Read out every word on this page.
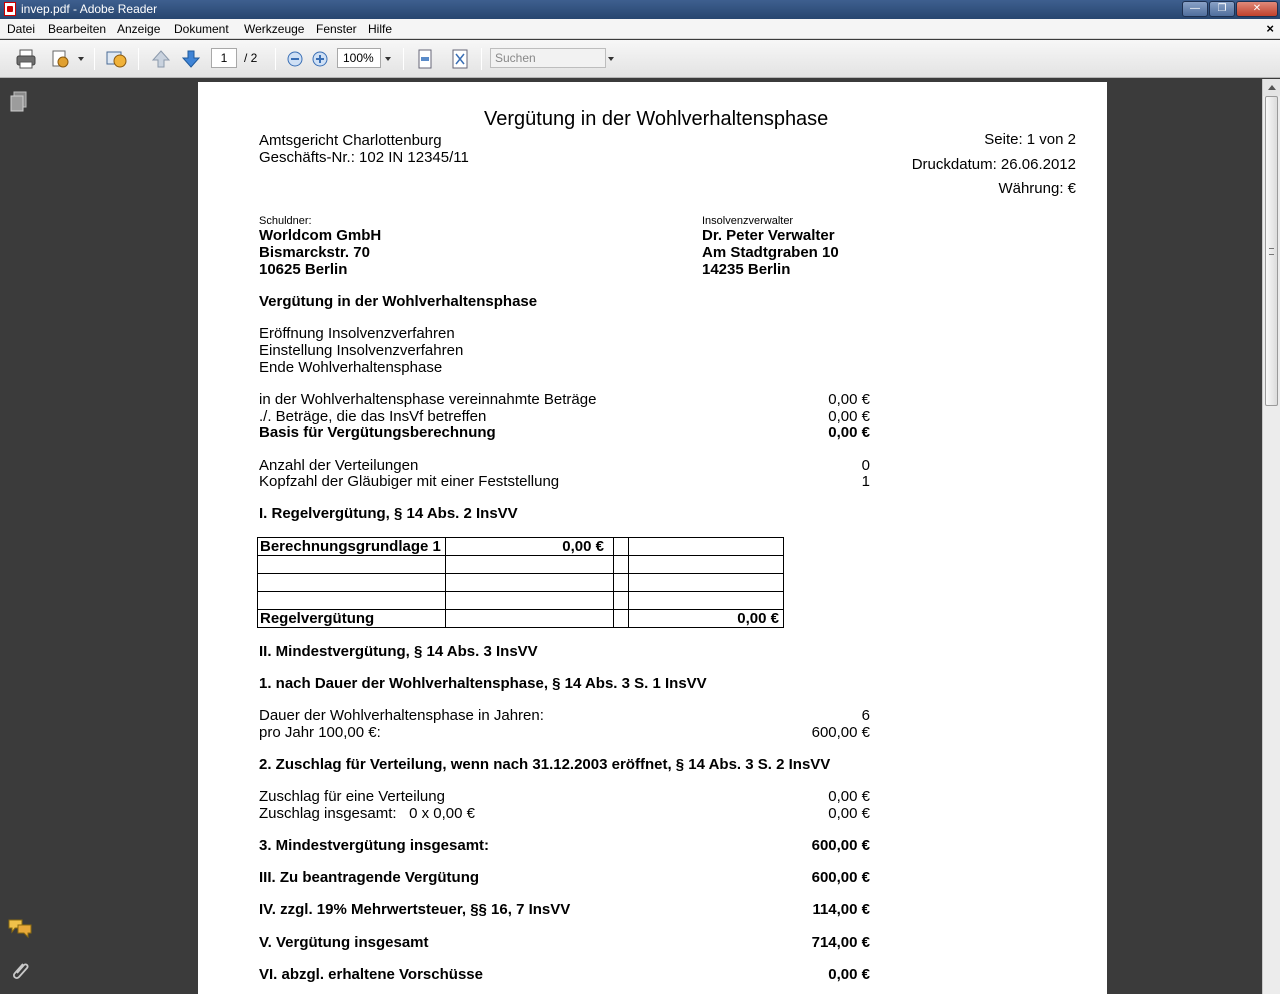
invep.pdf - Adobe Reader	—	❐	✕
Datei Bearbeiten Anzeige Dokument Werkzeuge Fenster Hilfe	×
1	/ 2	100%	Suchen
Vergütung in der Wohlverhaltensphase
Amtsgericht Charlottenburg
Geschäfts-Nr.: 102 IN 12345/11
Seite: 1 von 2
Druckdatum: 26.06.2012
Währung: €
Schuldner:
Worldcom GmbH
Bismarckstr. 70
10625 Berlin
Insolvenzverwalter
Dr. Peter Verwalter
Am Stadtgraben 10
14235 Berlin
Vergütung in der Wohlverhaltensphase
Eröffnung Insolvenzverfahren
Einstellung Insolvenzverfahren
Ende Wohlverhaltensphase
in der Wohlverhaltensphase vereinnahmte Beträge	0,00 €
./. Beträge, die das InsVf betreffen	0,00 €
Basis für Vergütungsberechnung	0,00 €
Anzahl der Verteilungen	0
Kopfzahl der Gläubiger mit einer Feststellung	1
I. Regelvergütung, § 14 Abs. 2 InsVV
Berechnungsgrundlage 1	0,00 €		

Regelvergütung			0,00 €
II. Mindestvergütung, § 14 Abs. 3 InsVV
1. nach Dauer der Wohlverhaltensphase, § 14 Abs. 3 S. 1 InsVV
Dauer der Wohlverhaltensphase in Jahren:	6
pro Jahr 100,00 €:	600,00 €
2. Zuschlag für Verteilung, wenn nach 31.12.2003 eröffnet, § 14 Abs. 3 S. 2 InsVV
Zuschlag für eine Verteilung	0,00 €
Zuschlag insgesamt:   0 x 0,00 €	0,00 €
3. Mindestvergütung insgesamt:	600,00 €
III. Zu beantragende Vergütung	600,00 €
IV. zzgl. 19% Mehrwertsteuer, §§ 16, 7 InsVV	114,00 €
V. Vergütung insgesamt	714,00 €
VI. abzgl. erhaltene Vorschüsse	0,00 €
